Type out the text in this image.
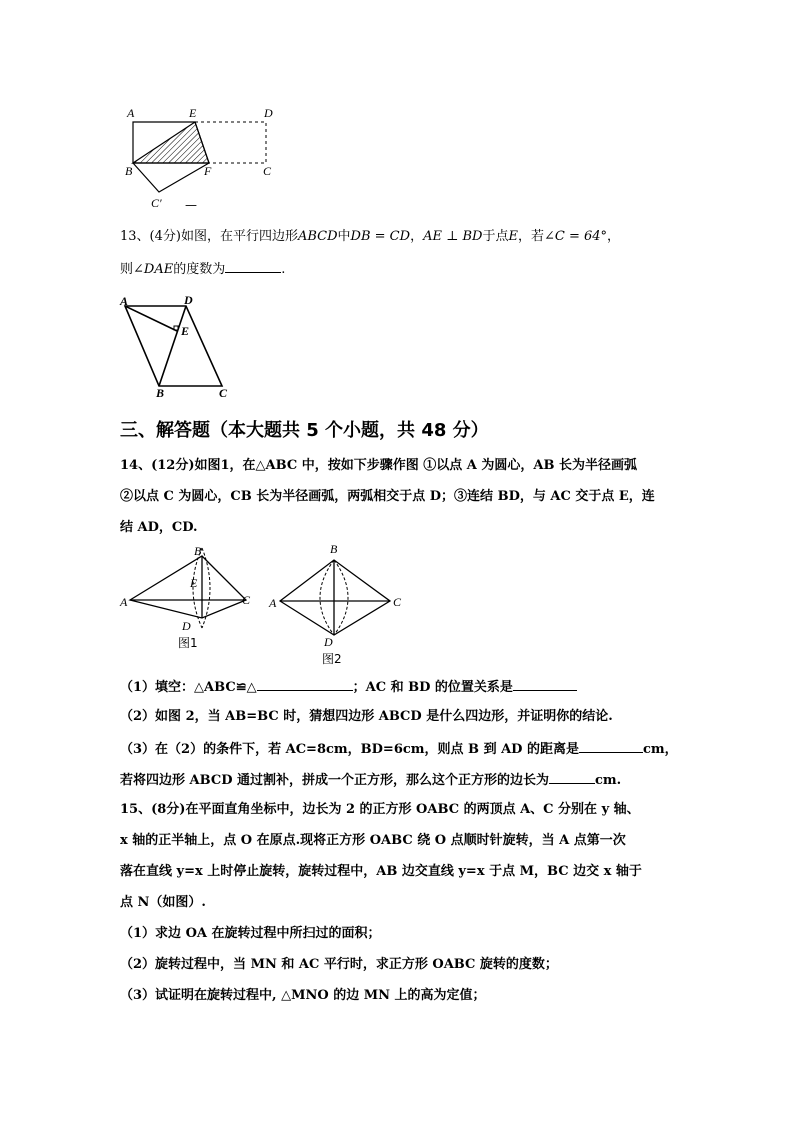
A	E	D
B	F	C
C′ —
13、(4分)如图，在平行四边形ABCD中DB = CD，AE ⊥ BD于点E，若∠C = 64°，
则∠DAE的度数为	.
A	D
E
B	C
三、解答题（本大题共 5 个小题，共 48 分）
14、(12分)如图1，在△ABC 中，按如下步骤作图 ①以点 A 为圆心，AB 长为半径画弧
②以点 C 为圆心，CB 长为半径画弧，两弧相交于点 D；③连结 BD，与 AC 交于点 E，连
结 AD，CD.
B
E
A	C
D
图1
B
A	C
D
图2
（1）填空：△ABC≌△	；AC 和 BD 的位置关系是
（2）如图 2，当 AB=BC 时，猜想四边形 ABCD 是什么四边形，并证明你的结论.
（3）在（2）的条件下，若 AC=8cm，BD=6cm，则点 B 到 AD 的距离是	cm，
若将四边形 ABCD 通过割补，拼成一个正方形，那么这个正方形的边长为	cm.
15、(8分)在平面直角坐标中，边长为 2 的正方形 OABC 的两顶点 A、C 分别在 y 轴、
x 轴的正半轴上，点 O 在原点.现将正方形 OABC 绕 O 点顺时针旋转，当 A 点第一次
落在直线 y=x 上时停止旋转，旋转过程中，AB 边交直线 y=x 于点 M，BC 边交 x 轴于
点 N（如图）.
（1）求边 OA 在旋转过程中所扫过的面积；
（2）旋转过程中，当 MN 和 AC 平行时，求正方形 OABC 旋转的度数；
（3）试证明在旋转过程中, △MNO 的边 MN 上的高为定值；
